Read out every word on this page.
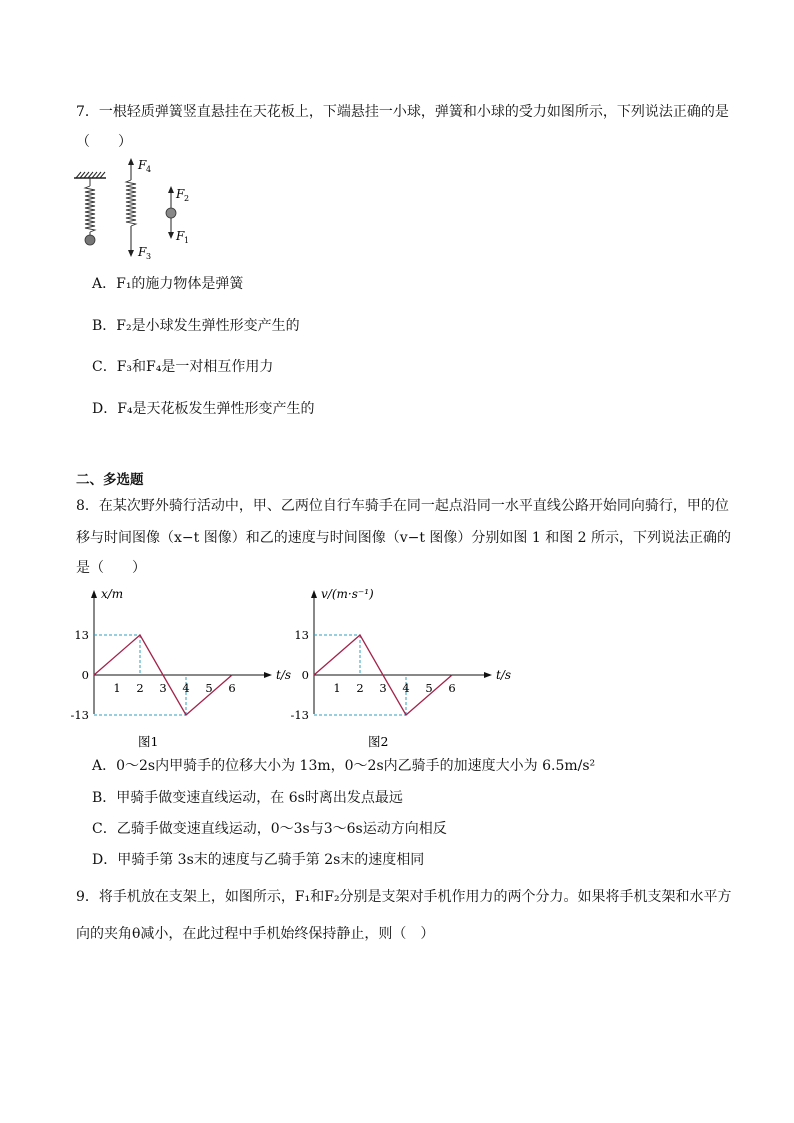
7．一根轻质弹簧竖直悬挂在天花板上，下端悬挂一小球，弹簧和小球的受力如图所示，下列说法正确的是
（　　）
F 4
F 3
F 2
F 1
A．F₁的施力物体是弹簧
B．F₂是小球发生弹性形变产生的
C．F₃和F₄是一对相互作用力
D．F₄是天花板发生弹性形变产生的
二、多选题
8．在某次野外骑行活动中，甲、乙两位自行车骑手在同一起点沿同一水平直线公路开始同向骑行，甲的位
移与时间图像（x−t 图像）和乙的速度与时间图像（v−t 图像）分别如图 1 和图 2 所示，下列说法正确的
是（　　）
x/m
t/s
13
0
-13
1 2 3 4 5 6
图1
v/(m·s⁻¹)
t/s
13
0
-13
1 2 3 4 5 6
图2
A．0～2s内甲骑手的位移大小为 13m，0～2s内乙骑手的加速度大小为 6.5m/s²
B．甲骑手做变速直线运动，在 6s时离出发点最远
C．乙骑手做变速直线运动，0～3s与3～6s运动方向相反
D．甲骑手第 3s末的速度与乙骑手第 2s末的速度相同
9．将手机放在支架上，如图所示，F₁和F₂分别是支架对手机作用力的两个分力。如果将手机支架和水平方
向的夹角θ减小，在此过程中手机始终保持静止，则（　）
